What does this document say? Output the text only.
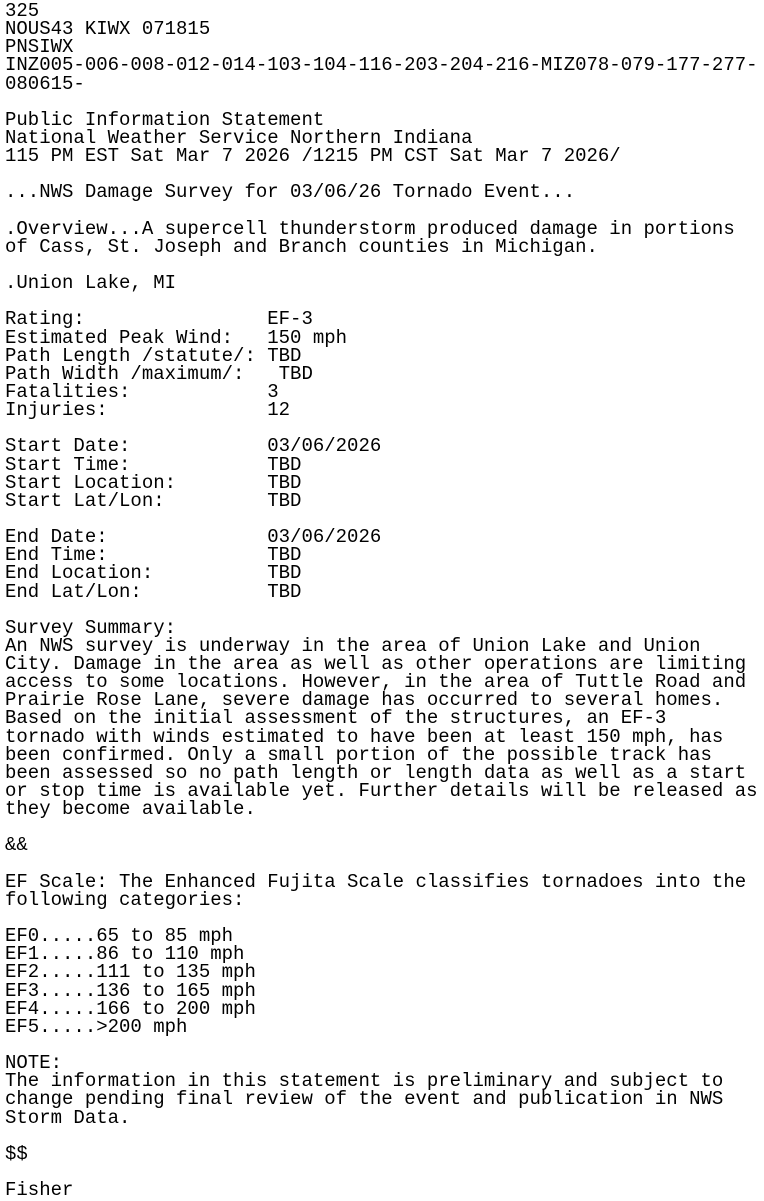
325
NOUS43 KIWX 071815
PNSIWX
INZ005-006-008-012-014-103-104-116-203-204-216-MIZ078-079-177-277-
080615-
Public Information Statement
National Weather Service Northern Indiana
115 PM EST Sat Mar 7 2026 /1215 PM CST Sat Mar 7 2026/
...NWS Damage Survey for 03/06/26 Tornado Event...
.Overview...A supercell thunderstorm produced damage in portions
of Cass, St. Joseph and Branch counties in Michigan.
.Union Lake, MI
Rating:                EF-3
Estimated Peak Wind:   150 mph
Path Length /statute/: TBD
Path Width /maximum/:   TBD
Fatalities:            3
Injuries:              12
Start Date:            03/06/2026
Start Time:            TBD
Start Location:        TBD
Start Lat/Lon:         TBD
End Date:              03/06/2026
End Time:              TBD
End Location:          TBD
End Lat/Lon:           TBD
Survey Summary:
An NWS survey is underway in the area of Union Lake and Union
City. Damage in the area as well as other operations are limiting
access to some locations. However, in the area of Tuttle Road and
Prairie Rose Lane, severe damage has occurred to several homes.
Based on the initial assessment of the structures, an EF-3
tornado with winds estimated to have been at least 150 mph, has
been confirmed. Only a small portion of the possible track has
been assessed so no path length or length data as well as a start
or stop time is available yet. Further details will be released as
they become available.
&&
EF Scale: The Enhanced Fujita Scale classifies tornadoes into the
following categories:
EF0.....65 to 85 mph
EF1.....86 to 110 mph
EF2.....111 to 135 mph
EF3.....136 to 165 mph
EF4.....166 to 200 mph
EF5.....>200 mph
NOTE:
The information in this statement is preliminary and subject to
change pending final review of the event and publication in NWS
Storm Data.
$$
Fisher
